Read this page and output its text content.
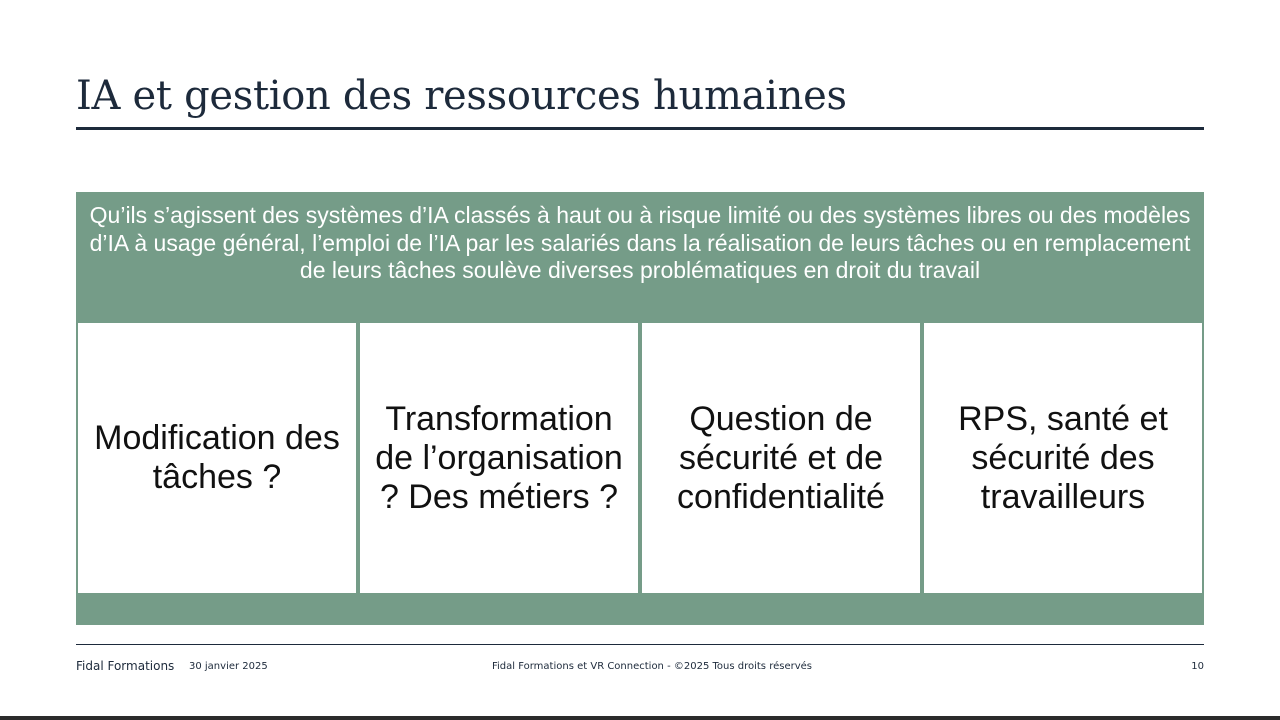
IA et gestion des ressources humaines
Qu’ils s’agissent des systèmes d’IA classés à haut ou à risque limité ou des systèmes libres ou des modèles d’IA à usage général, l’emploi de l’IA par les salariés dans la réalisation de leurs tâches ou en remplacement de leurs tâches soulève diverses problématiques en droit du travail
Modification des tâches ?
Transformation de l’organisation ? Des métiers ?
Question de sécurité et de confidentialité
RPS, santé et sécurité des travailleurs
Fidal Formations 30 janvier 2025	Fidal Formations et VR Connection - ©2025 Tous droits réservés	10
